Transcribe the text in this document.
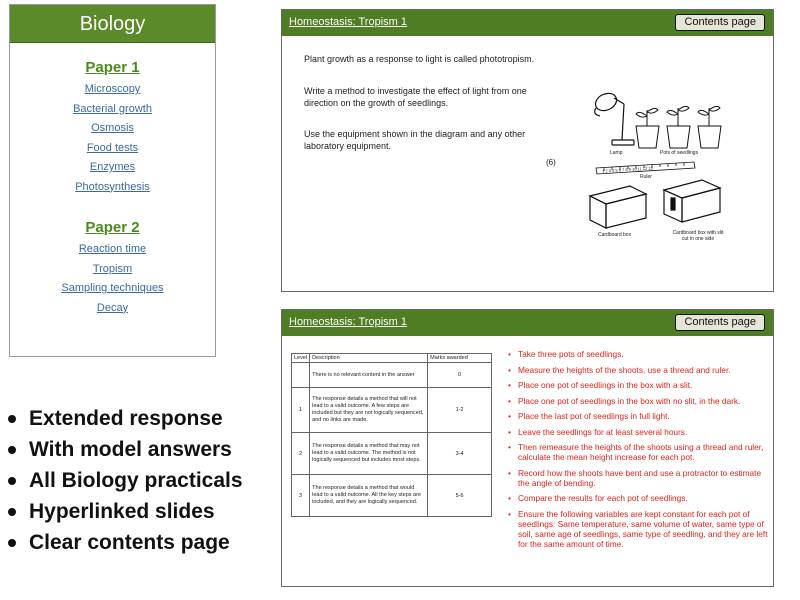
Biology
Paper 1
Microscopy
Bacterial growth
Osmosis
Food tests
Enzymes
Photosynthesis
Paper 2
Reaction time
Tropism
Sampling techniques
Decay
Extended response
With model answers
All Biology practicals
Hyperlinked slides
Clear contents page
Homeostasis: Tropism 1	Contents page
Plant growth as a response to light is called phototropism.
Write a method to investigate the effect of light from one direction on the growth of seedlings.
Use the equipment shown in the diagram and any other laboratory equipment.
(6)
Lamp	Pots of seedlings
1 2 3 4 5 6 7 8 9 10 11 12 13
Ruler
Cardboard box	Cardboard box with slit cut in one side
Homeostasis: Tropism 1	Contents page
Level	Description	Marks awarded
	There is no relevant content in the answer	0
1	The response details a method that will not lead to a valid outcome. A few steps are included but they are not logically sequenced, and no links are made.	1-2
2	The response details a method that may not lead to a valid outcome. The method is not logically sequenced but includes most steps.	3-4
3	The response details a method that would lead to a valid outcome. All the key steps are included, and they are logically sequenced.	5-6
• Take three pots of seedlings.
• Measure the heights of the shoots, use a thread and ruler.
• Place one pot of seedlings in the box with a slit.
• Place one pot of seedlings in the box with no slit, in the dark.
• Place the last pot of seedlings in full light.
• Leave the seedlings for at least several hours.
• Then remeasure the heights of the shoots using a thread and ruler, calculate the mean height increase for each pot.
• Record how the shoots have bent and use a protractor to estimate the angle of bending.
• Compare the results for each pot of seedlings.
• Ensure the following variables are kept constant for each pot of seedlings: Same temperature, same volume of water, same type of soil, same age of seedlings, same type of seedling, and they are left for the same amount of time.
